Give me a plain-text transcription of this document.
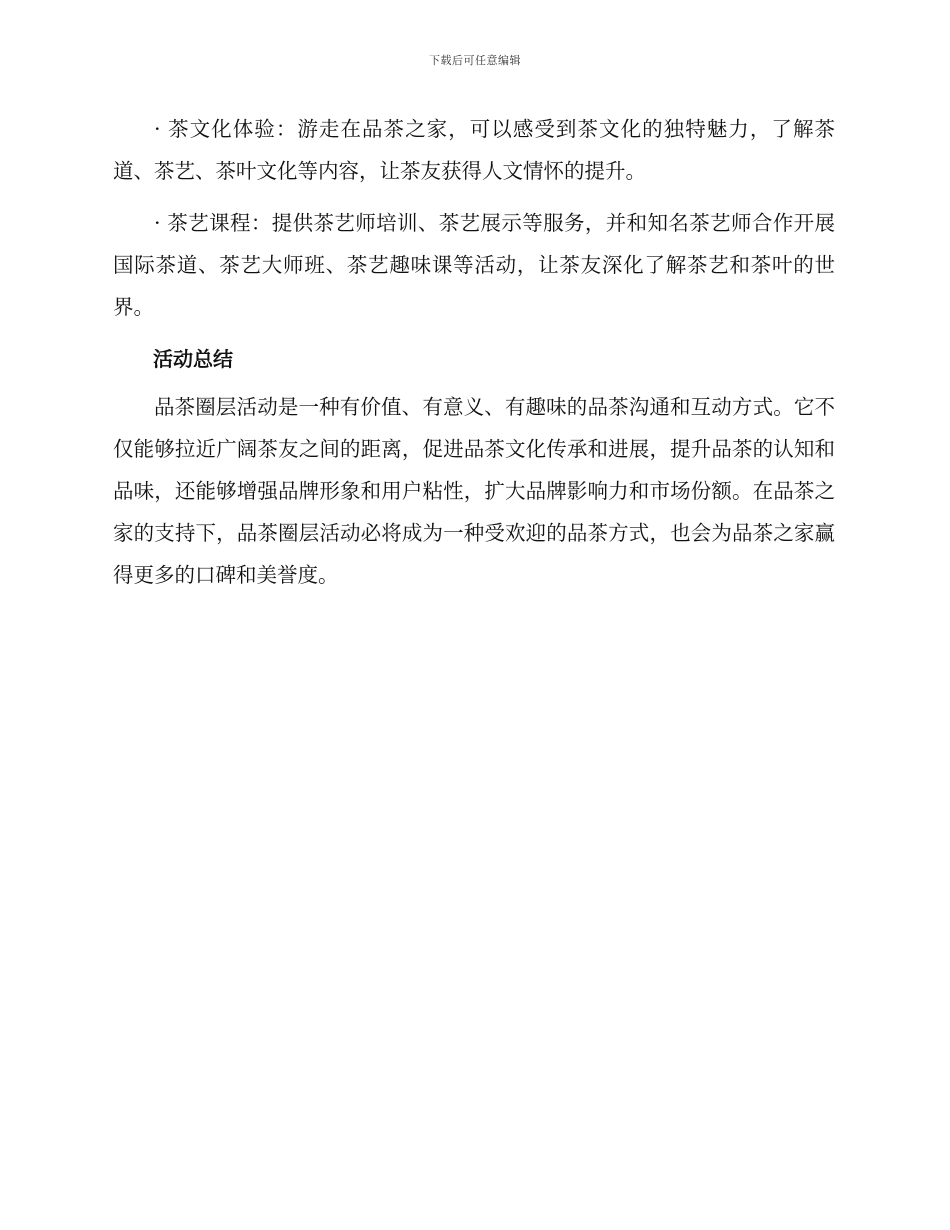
下载后可任意编辑

· 茶文化体验：游走在品茶之家，可以感受到茶文化的独特魅力，了解茶道、茶艺、茶叶文化等内容，让茶友获得人文情怀的提升。

· 茶艺课程：提供茶艺师培训、茶艺展示等服务，并和知名茶艺师合作开展国际茶道、茶艺大师班、茶艺趣味课等活动，让茶友深化了解茶艺和茶叶的世界。

活动总结

品茶圈层活动是一种有价值、有意义、有趣味的品茶沟通和互动方式。它不仅能够拉近广阔茶友之间的距离，促进品茶文化传承和进展，提升品茶的认知和品味，还能够增强品牌形象和用户粘性，扩大品牌影响力和市场份额。在品茶之家的支持下，品茶圈层活动必将成为一种受欢迎的品茶方式，也会为品茶之家赢得更多的口碑和美誉度。
